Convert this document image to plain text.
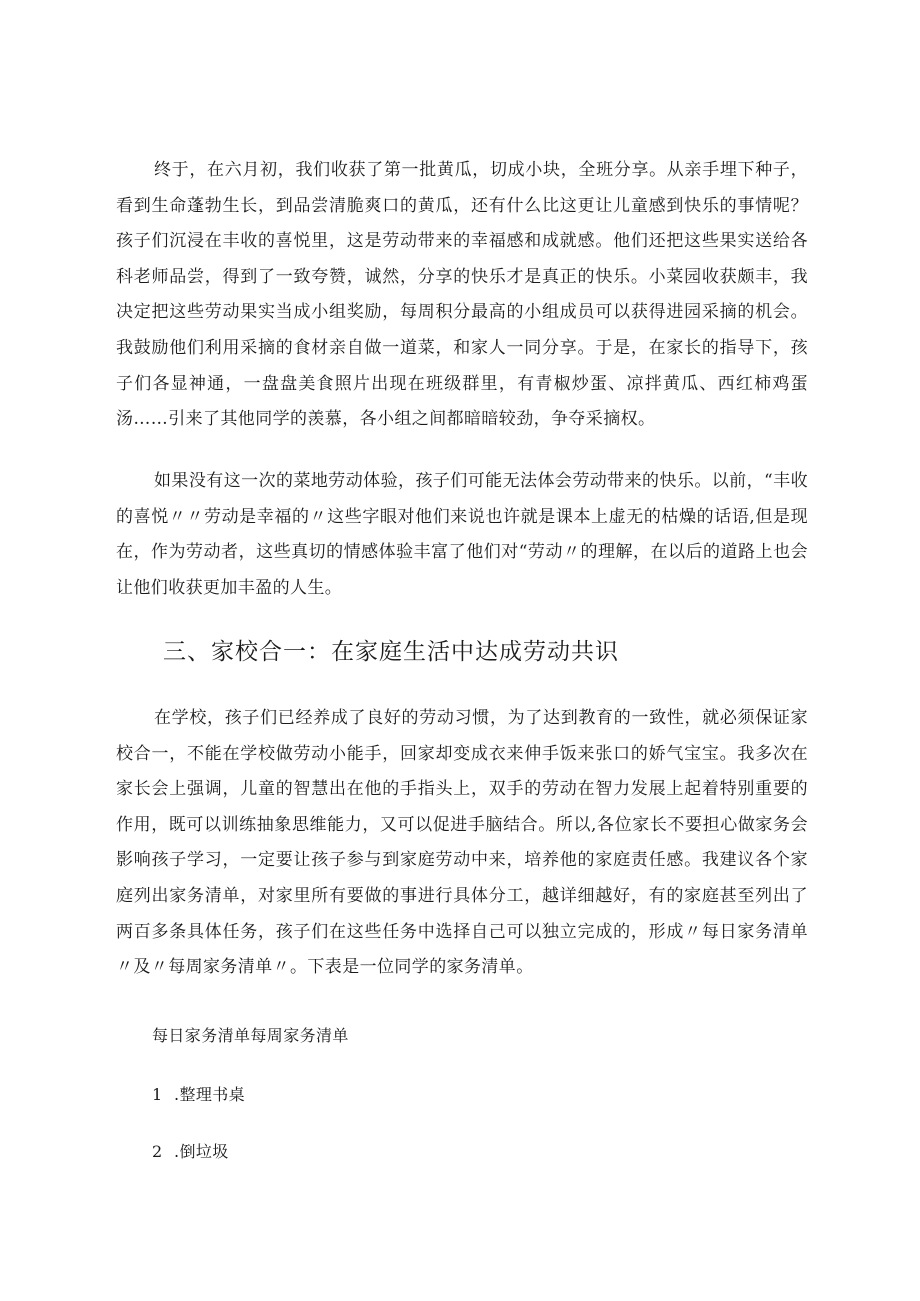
终于，在六月初，我们收获了第一批黄瓜，切成小块，全班分享。从亲手埋下种子，看到生命蓬勃生长，到品尝清脆爽口的黄瓜，还有什么比这更让儿童感到快乐的事情呢？孩子们沉浸在丰收的喜悦里，这是劳动带来的幸福感和成就感。他们还把这些果实送给各科老师品尝，得到了一致夸赞，诚然，分享的快乐才是真正的快乐。小菜园收获颇丰，我决定把这些劳动果实当成小组奖励，每周积分最高的小组成员可以获得进园采摘的机会。我鼓励他们利用采摘的食材亲自做一道菜，和家人一同分享。于是，在家长的指导下，孩子们各显神通，一盘盘美食照片出现在班级群里，有青椒炒蛋、凉拌黄瓜、西红柿鸡蛋汤……引来了其他同学的羡慕，各小组之间都暗暗较劲，争夺采摘权。

如果没有这一次的菜地劳动体验，孩子们可能无法体会劳动带来的快乐。以前，“丰收的喜悦〃〃劳动是幸福的〃这些字眼对他们来说也许就是课本上虚无的枯燥的话语,但是现在，作为劳动者，这些真切的情感体验丰富了他们对“劳动〃的理解，在以后的道路上也会让他们收获更加丰盈的人生。

三、家校合一：在家庭生活中达成劳动共识

在学校，孩子们已经养成了良好的劳动习惯，为了达到教育的一致性，就必须保证家校合一，不能在学校做劳动小能手，回家却变成衣来伸手饭来张口的娇气宝宝。我多次在家长会上强调，儿童的智慧出在他的手指头上，双手的劳动在智力发展上起着特别重要的作用，既可以训练抽象思维能力，又可以促进手脑结合。所以,各位家长不要担心做家务会影响孩子学习，一定要让孩子参与到家庭劳动中来，培养他的家庭责任感。我建议各个家庭列出家务清单，对家里所有要做的事进行具体分工，越详细越好，有的家庭甚至列出了两百多条具体任务，孩子们在这些任务中选择自己可以独立完成的，形成〃每日家务清单〃及〃每周家务清单〃。下表是一位同学的家务清单。

每日家务清单每周家务清单
1 .整理书桌
2 .倒垃圾
